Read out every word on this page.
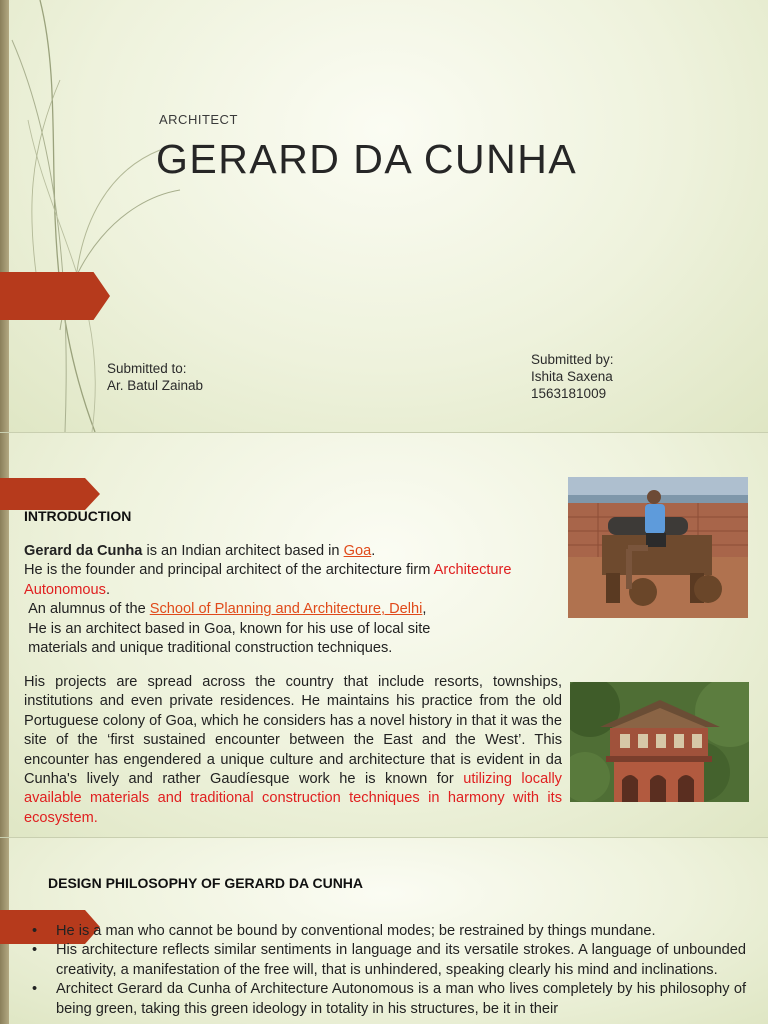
ARCHITECT

GERARD DA CUNHA
Submitted to:
Ar. Batul Zainab
Submitted by:
Ishita Saxena
1563181009
INTRODUCTION

Gerard da Cunha is an Indian architect based in Goa.
He is the founder and principal architect of the architecture firm Architecture Autonomous.
An alumnus of the School of Planning and Architecture, Delhi,
He is an architect based in Goa, known for his use of local site
materials and unique traditional construction techniques.

His projects are spread across the country that include resorts, townships, institutions and even private residences. He maintains his practice from the old Portuguese colony of Goa, which he considers has a novel history in that it was the site of the ‘first sustained encounter between the East and the West’. This encounter has engendered a unique culture and architecture that is evident in da Cunha's lively and rather Gaudíesque work he is known for utilizing locally available materials and traditional construction techniques in harmony with its ecosystem.

DESIGN PHILOSOPHY OF GERARD DA CUNHA
• He is a man who cannot be bound by conventional modes; be restrained by things mundane.
• His architecture reflects similar sentiments in language and its versatile strokes. A language of unbounded creativity, a manifestation of the free will, that is unhindered, speaking clearly his mind and inclinations.
• Architect Gerard da Cunha of Architecture Autonomous is a man who lives completely by his philosophy of being green, taking this green ideology in totality in his structures, be it in their
